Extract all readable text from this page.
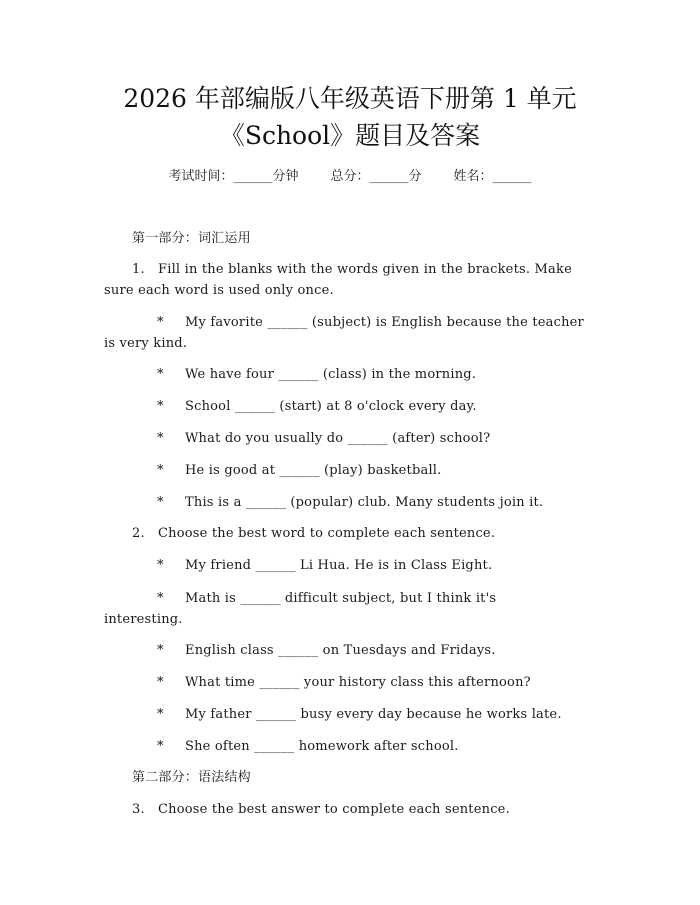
2026 年部编版八年级英语下册第 1 单元
《School》题目及答案
考试时间：______分钟 总分：______分 姓名：______
第一部分：词汇运用
1. Fill in the blanks with the words given in the brackets. Make
sure each word is used only once.
* My favorite ______ (subject) is English because the teacher
is very kind.
* We have four ______ (class) in the morning.
* School ______ (start) at 8 o'clock every day.
* What do you usually do ______ (after) school?
* He is good at ______ (play) basketball.
* This is a ______ (popular) club. Many students join it.
2. Choose the best word to complete each sentence.
* My friend ______ Li Hua. He is in Class Eight.
* Math is ______ difficult subject, but I think it's
interesting.
* English class ______ on Tuesdays and Fridays.
* What time ______ your history class this afternoon?
* My father ______ busy every day because he works late.
* She often ______ homework after school.
第二部分：语法结构
3. Choose the best answer to complete each sentence.
